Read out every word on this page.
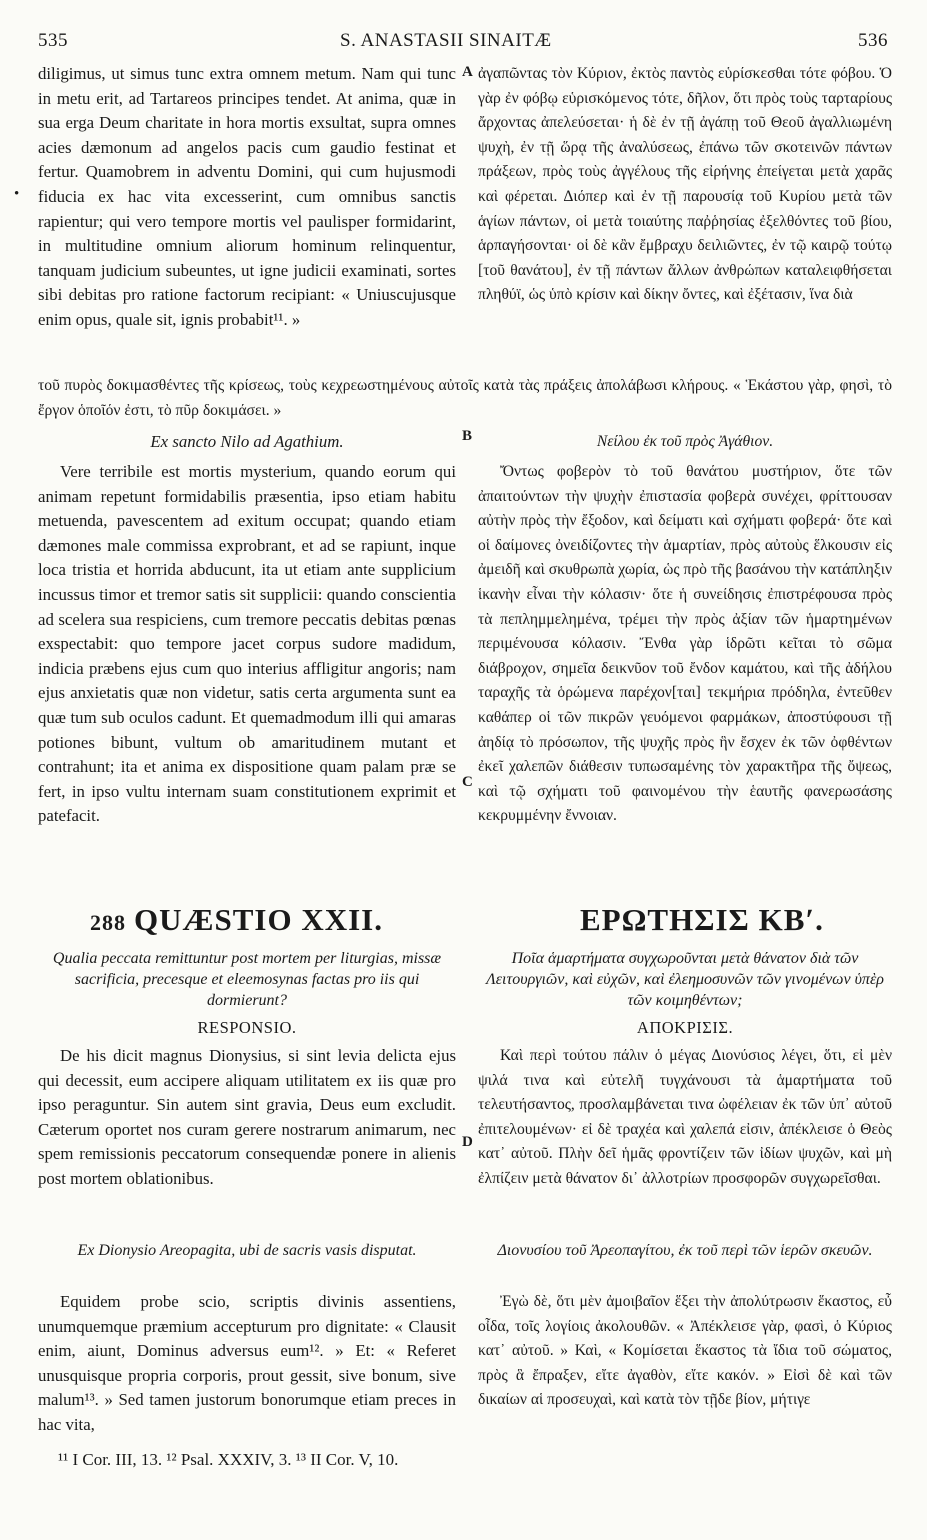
535	S. ANASTASII SINAITÆ	536

diligimus, ut simus tunc extra omnem metum. Nam qui tunc in metu erit, ad Tartareos principes tendet. At anima, quæ in sua erga Deum charitate in hora mortis exsultat, supra omnes acies dæmonum ad angelos pacis cum gaudio festinat et fertur. Quamobrem in adventu Domini, qui cum hujusmodi fiducia ex hac vita excesserint, cum omnibus sanctis rapientur; qui vero tempore mortis vel paulisper formidarint, in multitudine omnium aliorum hominum relinquentur, tanquam judicium subeuntes, ut igne judicii examinati, sortes sibi debitas pro ratione factorum recipiant: « Uniuscujusque enim opus, quale sit, ignis probabit¹¹. »

A
•

ἀγαπῶντας τὸν Κύριον, ἐκτὸς παντὸς εὑρίσκεσθαι τότε φόβου. Ὁ γὰρ ἐν φόβῳ εὑρισκόμενος τότε, δῆλον, ὅτι πρὸς τοὺς ταρταρίους ἄρχοντας ἀπελεύσεται· ἡ δὲ ἐν τῇ ἀγάπῃ τοῦ Θεοῦ ἀγαλλιωμένη ψυχὴ, ἐν τῇ ὥρᾳ τῆς ἀναλύσεως, ἐπάνω τῶν σκοτεινῶν πάντων πράξεων, πρὸς τοὺς ἀγγέλους τῆς εἰρήνης ἐπείγεται μετὰ χαρᾶς καὶ φέρεται. Διόπερ καὶ ἐν τῇ παρουσίᾳ τοῦ Κυρίου μετὰ τῶν ἁγίων πάντων, οἱ μετὰ τοιαύτης παῤῥησίας ἐξελθόντες τοῦ βίου, ἁρπαγήσονται· οἱ δὲ κἂν ἔμβραχυ δειλιῶντες, ἐν τῷ καιρῷ τούτῳ [τοῦ θανάτου], ἐν τῇ πάντων ἄλλων ἀνθρώπων καταλειφθήσεται πληθύϊ, ὡς ὑπὸ κρίσιν καὶ δίκην ὄντες, καὶ ἐξέτασιν, ἵνα διὰ

τοῦ πυρὸς δοκιμασθέντες τῆς κρίσεως, τοὺς κεχρεωστημένους αὐτοῖς κατὰ τὰς πράξεις ἀπολάβωσι κλήρους. « Ἑκάστου γὰρ, φησὶ, τὸ ἔργον ὁποῖόν ἐστι, τὸ πῦρ δοκιμάσει. »
Ex sancto Nilo ad Agathium.	B	Νείλου ἐκ τοῦ πρὸς Ἀγάθιον.

Vere terribile est mortis mysterium, quando eorum qui animam repetunt formidabilis præsentia, ipso etiam habitu metuenda, pavescentem ad exitum occupat; quando etiam dæmones male commissa exprobrant, et ad se rapiunt, inque loca tristia et horrida abducunt, ita ut etiam ante supplicium incussus timor et tremor satis sit supplicii: quando conscientia ad scelera sua respiciens, cum tremore peccatis debitas pœnas exspectabit: quo tempore jacet corpus sudore madidum, indicia præbens ejus cum quo interius affligitur angoris; nam ejus anxietatis quæ non videtur, satis certa argumenta sunt ea quæ tum sub oculos cadunt. Et quemadmodum illi qui amaras potiones bibunt, vultum ob amaritudinem mutant et contrahunt; ita et anima ex dispositione quam palam præ se fert, in ipso vultu internam suam constitutionem exprimit et patefacit.

C

Ὄντως φοβερὸν τὸ τοῦ θανάτου μυστήριον, ὅτε τῶν ἀπαιτούντων τὴν ψυχὴν ἐπιστασία φοβερὰ συνέχει, φρίττουσαν αὐτὴν πρὸς τὴν ἔξοδον, καὶ δείματι καὶ σχήματι φοβερά· ὅτε καὶ οἱ δαίμονες ὀνειδίζοντες τὴν ἁμαρτίαν, πρὸς αὐτοὺς ἕλκουσιν εἰς ἀμειδῆ καὶ σκυθρωπὰ χωρία, ὡς πρὸ τῆς βασάνου τὴν κατάπληξιν ἱκανὴν εἶναι τὴν κόλασιν· ὅτε ἡ συνείδησις ἐπιστρέφουσα πρὸς τὰ πεπλημμελημένα, τρέμει τὴν πρὸς ἀξίαν τῶν ἡμαρτημένων περιμένουσα κόλασιν. Ἔνθα γὰρ ἱδρῶτι κεῖται τὸ σῶμα διάβροχον, σημεῖα δεικνῦον τοῦ ἔνδον καμάτου, καὶ τῆς ἀδήλου ταραχῆς τὰ ὁρώμενα παρέχον[ται] τεκμήρια πρόδηλα, ἐντεῦθεν καθάπερ οἱ τῶν πικρῶν γευόμενοι φαρμάκων, ἀποστύφουσι τῇ ἀηδίᾳ τὸ πρόσωπον, τῆς ψυχῆς πρὸς ἣν ἔσχεν ἐκ τῶν ὀφθέντων ἐκεῖ χαλεπῶν διάθεσιν τυπωσαμένης τὸν χαρακτῆρα τῆς ὄψεως, καὶ τῷ σχήματι τοῦ φαινομένου τὴν ἑαυτῆς φανερωσάσης κεκρυμμένην ἔννοιαν.

288 QUÆSTIO XXII.	ΕΡΩΤΗΣΙΣ ΚΒʹ.
Qualia peccata remittuntur post mortem per liturgias, missæ sacrificia, precesque et eleemosynas factas pro iis qui dormierunt?
Ποῖα ἁμαρτήματα συγχωροῦνται μετὰ θάνατον διὰ τῶν Λειτουργιῶν, καὶ εὐχῶν, καὶ ἐλεημοσυνῶν τῶν γινομένων ὑπὲρ τῶν κοιμηθέντων;
RESPONSIO.	ΑΠΟΚΡΙΣΙΣ.

De his dicit magnus Dionysius, si sint levia delicta ejus qui decessit, eum accipere aliquam utilitatem ex iis quæ pro ipso peraguntur. Sin autem sint gravia, Deus eum excludit. Cæterum oportet nos curam gerere nostrarum animarum, nec spem remissionis peccatorum consequendæ ponere in alienis post mortem oblationibus.

D

Καὶ περὶ τούτου πάλιν ὁ μέγας Διονύσιος λέγει, ὅτι, εἰ μὲν ψιλά τινα καὶ εὐτελῆ τυγχάνουσι τὰ ἁμαρτήματα τοῦ τελευτήσαντος, προσλαμβάνεται τινα ὠφέλειαν ἐκ τῶν ὑπ᾽ αὐτοῦ ἐπιτελουμένων· εἰ δὲ τραχέα καὶ χαλεπά εἰσιν, ἀπέκλεισε ὁ Θεὸς κατ᾽ αὐτοῦ. Πλὴν δεῖ ἡμᾶς φροντίζειν τῶν ἰδίων ψυχῶν, καὶ μὴ ἐλπίζειν μετὰ θάνατον δι᾽ ἀλλοτρίων προσφορῶν συγχωρεῖσθαι.

Ex Dionysio Areopagita, ubi de sacris vasis disputat.	Διονυσίου τοῦ Ἀρεοπαγίτου, ἐκ τοῦ περὶ τῶν ἱερῶν σκευῶν.

Equidem probe scio, scriptis divinis assentiens, unumquemque præmium accepturum pro dignitate: « Clausit enim, aiunt, Dominus adversus eum¹². » Et: « Referet unusquisque propria corporis, prout gessit, sive bonum, sive malum¹³. » Sed tamen justorum bonorumque etiam preces in hac vita,

Ἐγὼ δὲ, ὅτι μὲν ἀμοιβαῖον ἕξει τὴν ἀπολύτρωσιν ἕκαστος, εὖ οἶδα, τοῖς λογίοις ἀκολουθῶν. « Ἀπέκλεισε γὰρ, φασὶ, ὁ Κύριος κατ᾽ αὐτοῦ. » Καὶ, « Κομίσεται ἕκαστος τὰ ἴδια τοῦ σώματος, πρὸς ἃ ἔπραξεν, εἴτε ἀγαθὸν, εἴτε κακόν. » Εἰσὶ δὲ καὶ τῶν δικαίων αἱ προσευχαὶ, καὶ κατὰ τὸν τῇδε βίον, μήτιγε

¹¹ I Cor. III, 13. ¹² Psal. XXXIV, 3. ¹³ II Cor. V, 10.
